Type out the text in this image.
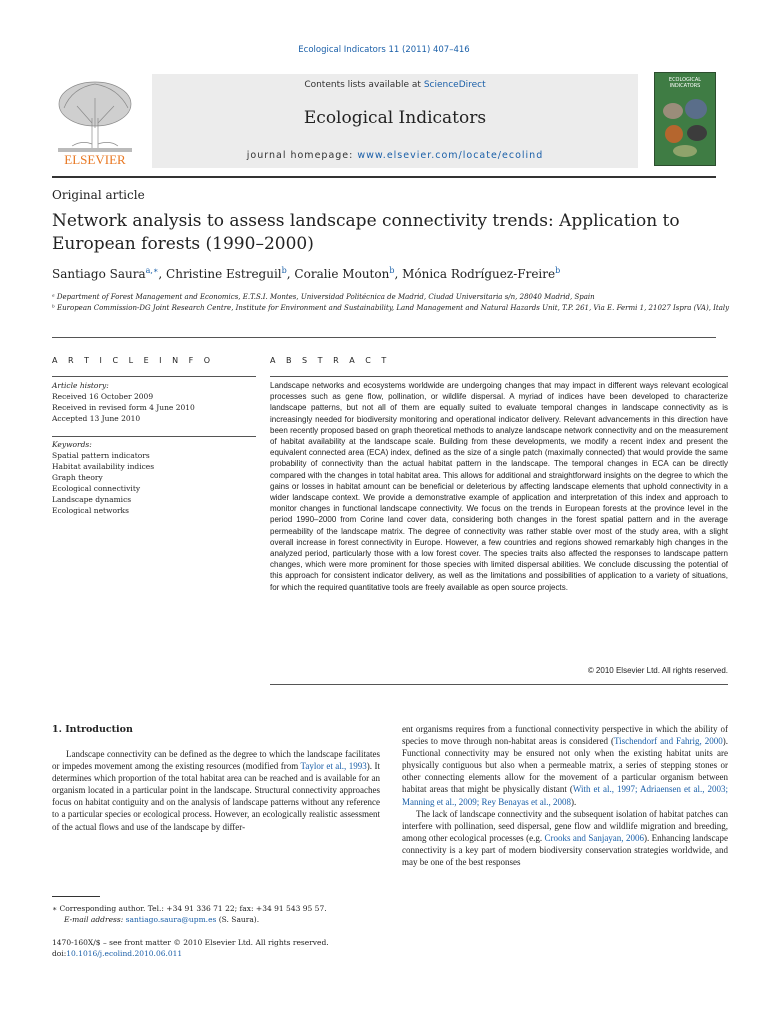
Ecological Indicators 11 (2011) 407–416
ELSEVIER
Contents lists available at ScienceDirect
Ecological Indicators
journal homepage: www.elsevier.com/locate/ecolind
ECOLOGICAL INDICATORS
Original article
Network analysis to assess landscape connectivity trends: Application to European forests (1990–2000)
Santiago Saura$^{a,∗}$, Christine Estreguil$^b$, Coralie Mouton$^b$, Mónica Rodríguez-Freire$^b$
ᵃ Department of Forest Management and Economics, E.T.S.I. Montes, Universidad Politécnica de Madrid, Ciudad Universitaria s/n, 28040 Madrid, Spain
ᵇ European Commission-DG Joint Research Centre, Institute for Environment and Sustainability, Land Management and Natural Hazards Unit, T.P. 261, Via E. Fermi 1, 21027 Ispra (VA), Italy
A R T I C L E I N F O	A B S T R A C T
Article history:
Received 16 October 2009
Received in revised form 4 June 2010
Accepted 13 June 2010
Keywords:
Spatial pattern indicators
Habitat availability indices
Graph theory
Ecological connectivity
Landscape dynamics
Ecological networks
Landscape networks and ecosystems worldwide are undergoing changes that may impact in different ways relevant ecological processes such as gene flow, pollination, or wildlife dispersal. A myriad of indices have been developed to characterize landscape patterns, but not all of them are equally suited to evaluate temporal changes in landscape connectivity as is increasingly needed for biodiversity monitoring and operational indicator delivery. Relevant advancements in this direction have been recently proposed based on graph theoretical methods to analyze landscape network connectivity and on the measurement of habitat availability at the landscape scale. Building from these developments, we modify a recent index and present the equivalent connected area (ECA) index, defined as the size of a single patch (maximally connected) that would provide the same probability of connectivity than the actual habitat pattern in the landscape. The temporal changes in ECA can be directly compared with the changes in total habitat area. This allows for additional and straightforward insights on the degree to which the gains or losses in habitat amount can be beneficial or deleterious by affecting landscape elements that uphold connectivity in a wider landscape context. We provide a demonstrative example of application and interpretation of this index and approach to monitor changes in functional landscape connectivity. We focus on the trends in European forests at the province level in the period 1990–2000 from Corine land cover data, considering both changes in the forest spatial pattern and in the average permeability of the landscape matrix. The degree of connectivity was rather stable over most of the study area, with a slight overall increase in forest connectivity in Europe. However, a few countries and regions showed remarkably high changes in the analyzed period, particularly those with a low forest cover. The species traits also affected the responses to landscape pattern changes, which were more prominent for those species with limited dispersal abilities. We conclude discussing the potential of this approach for consistent indicator delivery, as well as the limitations and possibilities of application to a variety of situations, for which the required quantitative tools are freely available as open source projects.
© 2010 Elsevier Ltd. All rights reserved.
1. Introduction
Landscape connectivity can be defined as the degree to which the landscape facilitates or impedes movement among the existing resources (modified from Taylor et al., 1993). It determines which proportion of the total habitat area can be reached and is available for an organism located in a particular point in the landscape. Structural connectivity approaches focus on habitat contiguity and on the analysis of landscape patterns without any reference to a particular species or ecological process. However, an ecologically realistic assessment of the actual flows and use of the landscape by differ-
ent organisms requires from a functional connectivity perspective in which the ability of species to move through non-habitat areas is considered (Tischendorf and Fahrig, 2000). Functional connectivity may be ensured not only when the existing habitat units are physically contiguous but also when a permeable matrix, a series of stepping stones or other connecting elements allow for the movement of a particular organism between habitat areas that might be physically distant (With et al., 1997; Adriaensen et al., 2003; Manning et al., 2009; Rey Benayas et al., 2008).
The lack of landscape connectivity and the subsequent isolation of habitat patches can interfere with pollination, seed dispersal, gene flow and wildlife migration and breeding, among other ecological processes (e.g. Crooks and Sanjayan, 2006). Enhancing landscape connectivity is a key part of modern biodiversity conservation strategies worldwide, and may be one of the best responses
∗ Corresponding author. Tel.: +34 91 336 71 22; fax: +34 91 543 95 57.
E-mail address: santiago.saura@upm.es (S. Saura).
1470-160X/$ – see front matter © 2010 Elsevier Ltd. All rights reserved.
doi:10.1016/j.ecolind.2010.06.011
